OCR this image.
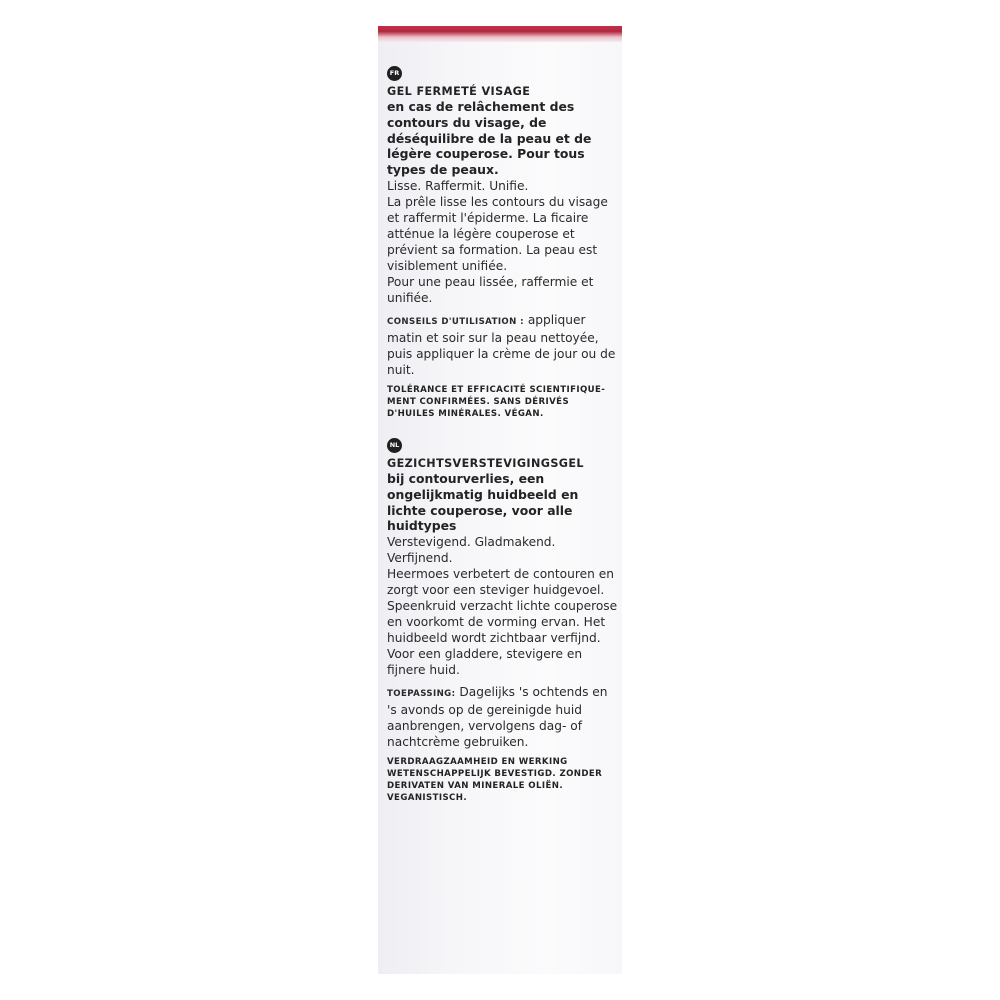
FR
GEL FERMETÉ VISAGE
en cas de relâchement des contours du visage, de déséquilibre de la peau et de légère couperose. Pour tous types de peaux.
Lisse. Raffermit. Unifie.
La prêle lisse les contours du visage et raffermit l'épiderme. La ficaire atténue la légère couperose et prévient sa formation. La peau est visiblement unifiée.
Pour une peau lissée, raffermie et unifiée.
CONSEILS D'UTILISATION : appliquer matin et soir sur la peau nettoyée, puis appliquer la crème de jour ou de nuit.
TOLÉRANCE ET EFFICACITÉ SCIENTIFIQUE-MENT CONFIRMÉES. SANS DÉRIVÉS D'HUILES MINÉRALES. VÉGAN.
NL
GEZICHTSVERSTEVIGINGSGEL
bij contourverlies, een ongelijkmatig huidbeeld en lichte couperose, voor alle huidtypes
Verstevigend. Gladmakend. Verfijnend.
Heermoes verbetert de contouren en zorgt voor een steviger huidgevoel. Speenkruid verzacht lichte couperose en voorkomt de vorming ervan. Het huidbeeld wordt zichtbaar verfijnd.
Voor een gladdere, stevigere en fijnere huid.
TOEPASSING: Dagelijks 's ochtends en 's avonds op de gereinigde huid aanbrengen, vervolgens dag- of nachtcrème gebruiken.
VERDRAAGZAAMHEID EN WERKING WETENSCHAPPELIJK BEVESTIGD. ZONDER DERIVATEN VAN MINERALE OLIËN. VEGANISTISCH.
